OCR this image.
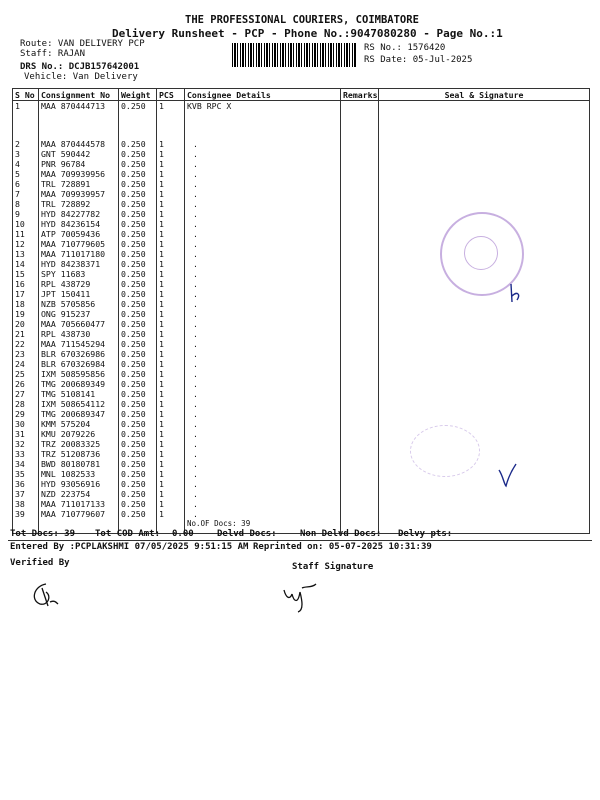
THE PROFESSIONAL COURIERS, COIMBATORE
Delivery Runsheet - PCP - Phone No.:9047080280 - Page No.:1
Route: VAN DELIVERY PCP
Staff: RAJAN
DRS No.: DCJB157642001
Vehicle: Van Delivery
RS No.: 1576420
RS Date: 05-Jul-2025
S No	Consignment No	Weight	PCS	Consignee Details	Remarks	Seal & Signature
1	MAA 870444713	0.250	1	KVB RPC X		
2	MAA 870444578	0.250	1	.		
3	GNT 590442	0.250	1	.		
4	PNR 96784	0.250	1	.		
5	MAA 709939956	0.250	1	.		
6	TRL 728891	0.250	1	.		
7	MAA 709939957	0.250	1	.		
8	TRL 728892	0.250	1	.		
9	HYD 84227782	0.250	1	.		
10	HYD 84236154	0.250	1	.		
11	ATP 70059436	0.250	1	.		
12	MAA 710779605	0.250	1	.		
13	MAA 711017180	0.250	1	.		
14	HYD 84238371	0.250	1	.		
15	SPY 11683	0.250	1	.		
16	RPL 438729	0.250	1	.		
17	JPT 150411	0.250	1	.		
18	NZB 5705856	0.250	1	.		
19	ONG 915237	0.250	1	.		
20	MAA 705660477	0.250	1	.		
21	RPL 438730	0.250	1	.		
22	MAA 711545294	0.250	1	.		
23	BLR 670326986	0.250	1	.		
24	BLR 670326984	0.250	1	.		
25	IXM 508595856	0.250	1	.		
26	TMG 200689349	0.250	1	.		
27	TMG 5108141	0.250	1	.		
28	IXM 508654112	0.250	1	.		
29	TMG 200689347	0.250	1	.		
30	KMM 575204	0.250	1	.		
31	KMU 2079226	0.250	1	.		
32	TRZ 20083325	0.250	1	.		
33	TRZ 51208736	0.250	1	.		
34	BWD 80180781	0.250	1	.		
35	MNL 1082533	0.250	1	.		
36	HYD 93056916	0.250	1	.		
37	NZD 223754	0.250	1	.		
38	MAA 711017133	0.250	1	.		
39	MAA 710779607	0.250	1	.		
				No.OF Docs: 39		
Tot Docs: 39 Tot COD Amt: 0.00	Delvd Docs:	Non Delvd Docs: Delvy pts:
Entered By :PCPLAKSHMI 07/05/2025 9:51:15 AM Reprinted on: 05-07-2025 10:31:39
Verified By	Staff Signature
